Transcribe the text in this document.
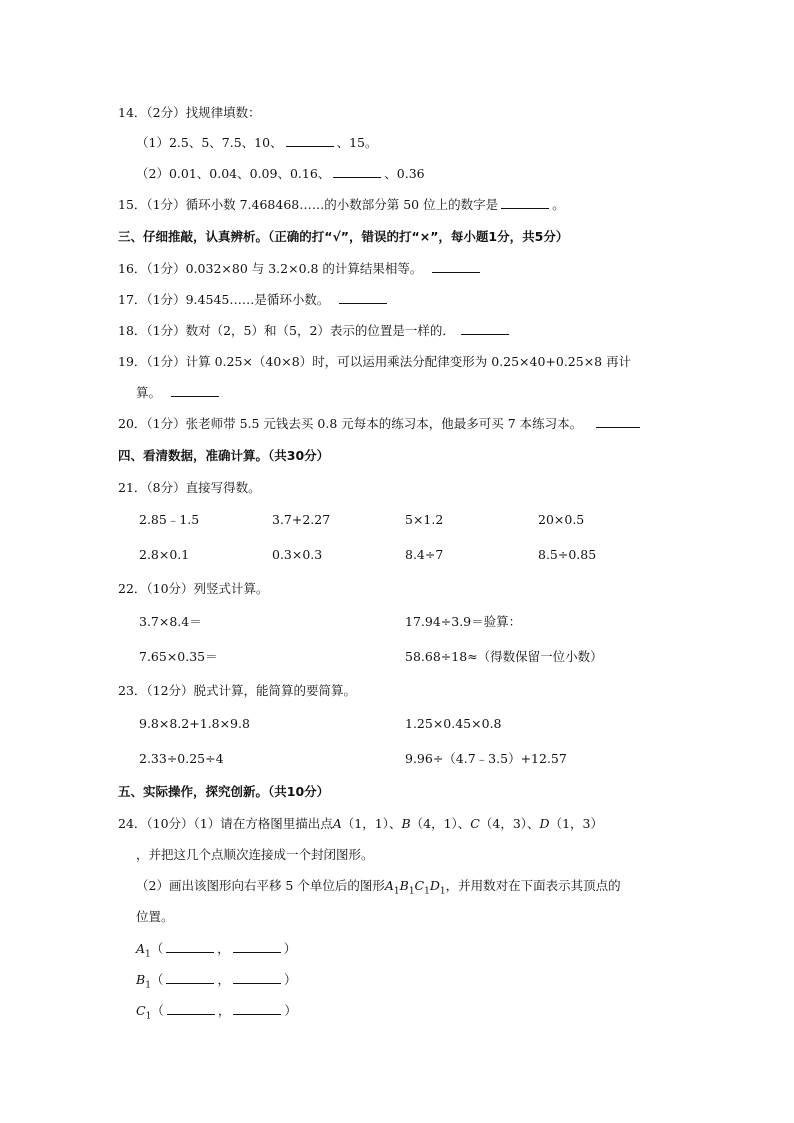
14．（2分）找规律填数：
（1）2.5、5、7.5、10、	、15。
（2）0.01、0.04、0.09、0.16、	、0.36
15．（1分）循环小数 7.468468……的小数部分第 50 位上的数字是	。
三、仔细推敲，认真辨析。（正确的打“√”，错误的打“×”，每小题1分，共5分）
16．（1分）0.032×80 与 3.2×0.8 的计算结果相等。
17．（1分）9.4545……是循环小数。
18．（1分）数对（2，5）和（5，2）表示的位置是一样的．
19．（1分）计算 0.25×（40×8）时，可以运用乘法分配律变形为 0.25×40+0.25×8 再计
算。
20．（1分）张老师带 5.5 元钱去买 0.8 元每本的练习本，他最多可买 7 本练习本。
四、看清数据，准确计算。（共30分）
21．（8分）直接写得数。
2.85﹣1.5	3.7+2.27	5×1.2	20×0.5
2.8×0.1	0.3×0.3	8.4÷7	8.5÷0.85
22．（10分）列竖式计算。
3.7×8.4＝	17.94÷3.9＝验算：
7.65×0.35＝	58.68÷18≈（得数保留一位小数）
23．（12分）脱式计算，能简算的要简算。
9.8×8.2+1.8×9.8	1.25×0.45×0.8
2.33÷0.25÷4	9.96÷（4.7﹣3.5）+12.57
五、实际操作，探究创新。（共10分）
24．（10分）（1）请在方格图里描出点A（1，1）、B（4，1）、C（4，3）、D（1，3）
，并把这几个点顺次连接成一个封闭图形。
（2）画出该图形向右平移 5 个单位后的图形$A_1B_1C_1D_1$，并用数对在下面表示其顶点的
位置。
$A_1$（	，	）
$B_1$（	，	）
$C_1$（	，	）
